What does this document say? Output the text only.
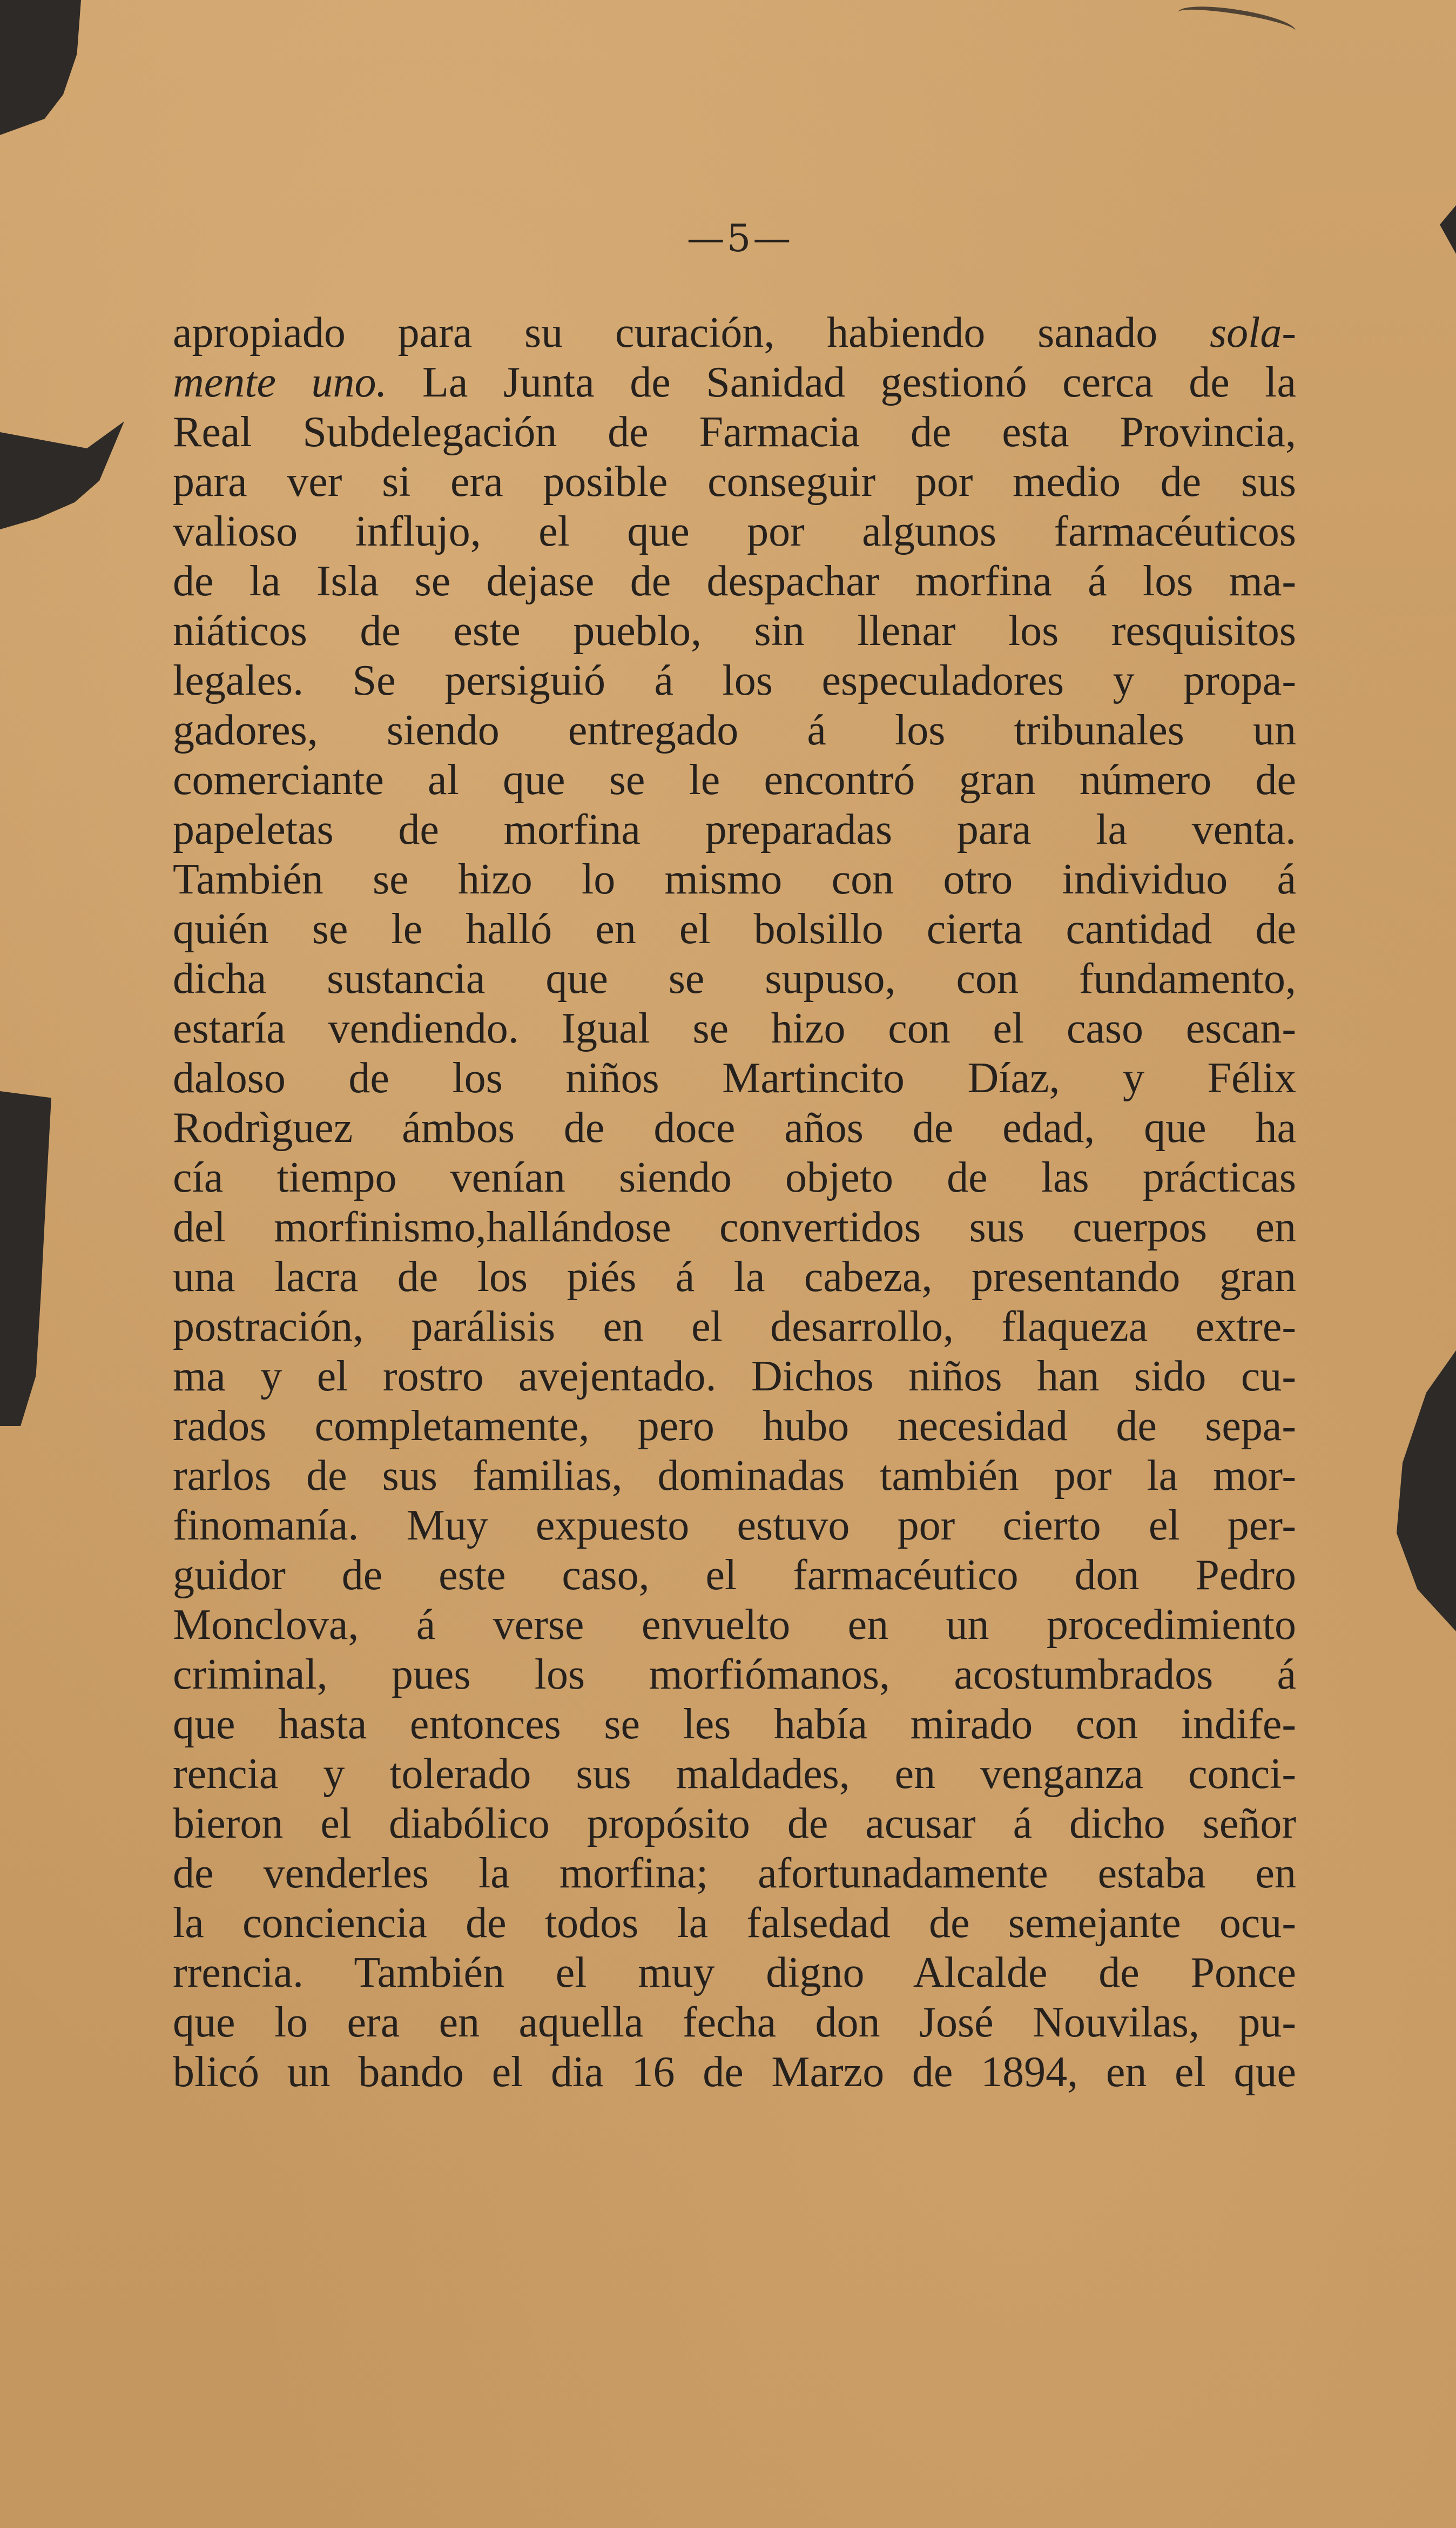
—5—
apropiado para su curación, habiendo sanado sola-
mente uno. La Junta de Sanidad gestionó cerca de la
Real Subdelegación de Farmacia de esta Provincia,
para ver si era posible conseguir por medio de sus
valioso influjo, el que por algunos farmacéuticos
de la Isla se dejase de despachar morfina á los ma-
niáticos de este pueblo, sin llenar los resquisitos
legales. Se persiguió á los especuladores y propa-
gadores, siendo entregado á los tribunales un
comerciante al que se le encontró gran número de
papeletas de morfina preparadas para la venta.
También se hizo lo mismo con otro individuo á
quién se le halló en el bolsillo cierta cantidad de
dicha sustancia que se supuso, con fundamento,
estaría vendiendo. Igual se hizo con el caso escan-
daloso de los niños Martincito Díaz, y Félix
Rodrìguez ámbos de doce años de edad, que ha
cía tiempo venían siendo objeto de las prácticas
del morfinismo,hallándose convertidos sus cuerpos en
una lacra de los piés á la cabeza, presentando gran
postración, parálisis en el desarrollo, flaqueza extre-
ma y el rostro avejentado. Dichos niños han sido cu-
rados completamente, pero hubo necesidad de sepa-
rarlos de sus familias, dominadas también por la mor-
finomanía. Muy expuesto estuvo por cierto el per-
guidor de este caso, el farmacéutico don Pedro
Monclova, á verse envuelto en un procedimiento
criminal, pues los morfiómanos, acostumbrados á
que hasta entonces se les había mirado con indife-
rencia y tolerado sus maldades, en venganza conci-
bieron el diabólico propósito de acusar á dicho señor
de venderles la morfina; afortunadamente estaba en
la conciencia de todos la falsedad de semejante ocu-
rrencia. También el muy digno Alcalde de Ponce
que lo era en aquella fecha don José Nouvilas, pu-
blicó un bando el dia 16 de Marzo de 1894, en el que
